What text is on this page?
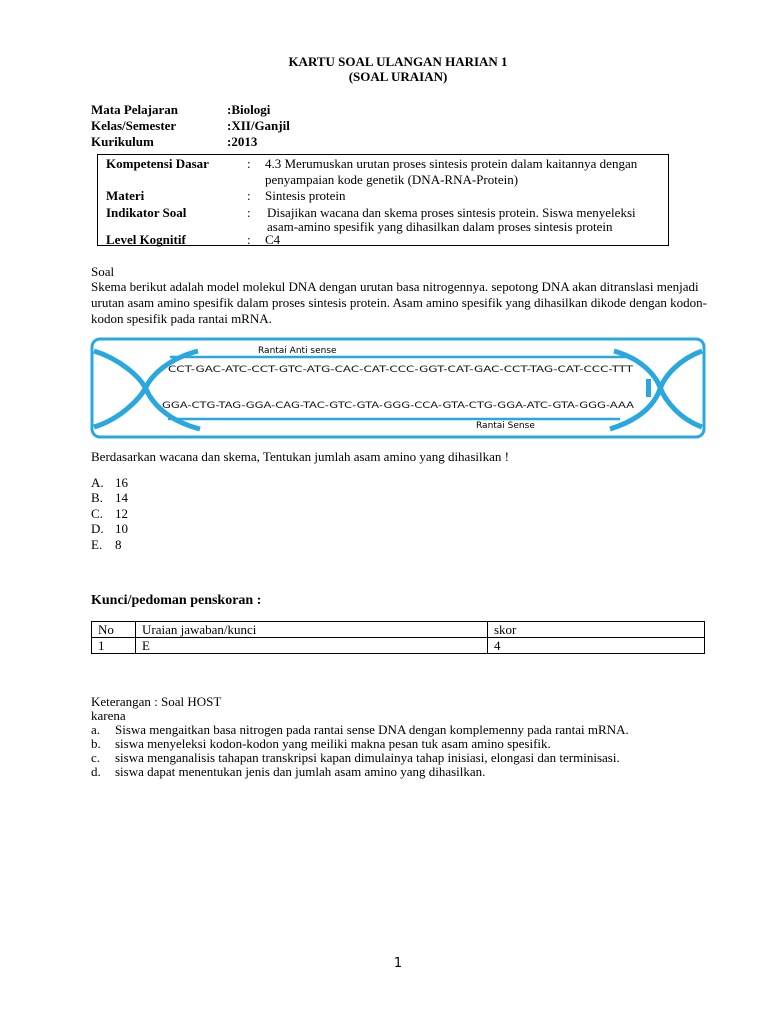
KARTU SOAL ULANGAN HARIAN 1
(SOAL URAIAN)
Mata Pelajaran	:Biologi
Kelas/Semester	:XII/Ganjil
Kurikulum	:2013
Kompetensi Dasar	: 4.3 Merumuskan urutan proses sintesis protein dalam kaitannya dengan penyampaian kode genetik (DNA-RNA-Protein)
Materi	: Sintesis protein
Indikator Soal	: Disajikan wacana dan skema proses sintesis protein. Siswa menyeleksi asam-amino spesifik yang dihasilkan dalam proses sintesis protein
Level Kognitif	: C4
Soal
Skema berikut adalah model molekul DNA dengan urutan basa nitrogennya. sepotong DNA akan ditranslasi menjadi urutan asam amino spesifik dalam proses sintesis protein. Asam amino spesifik yang dihasilkan dikode dengan kodon-kodon spesifik pada rantai mRNA.
Rantai Anti sense
Rantai Sense
CCT-GAC-ATC-CCT-GTC-ATG-CAC-CAT-CCC-GGT-CAT-GAC-CCT-TAG-CAT-CCC-TTT
GGA-CTG-TAG-GGA-CAG-TAC-GTC-GTA-GGG-CCA-GTA-CTG-GGA-ATC-GTA-GGG-AAA
Berdasarkan wacana dan skema, Tentukan jumlah asam amino yang dihasilkan !
A. 16
B. 14
C. 12
D. 10
E. 8
Kunci/pedoman penskoran :
No	Uraian jawaban/kunci	skor
1	E	4
Keterangan : Soal HOST
karena
a. Siswa mengaitkan basa nitrogen pada rantai sense DNA dengan komplemenny pada rantai mRNA.
b. siswa menyeleksi kodon-kodon yang meiliki makna pesan tuk asam amino spesifik.
c. siswa menganalisis tahapan transkripsi kapan dimulainya tahap inisiasi, elongasi dan terminisasi.
d. siswa dapat menentukan jenis dan jumlah asam amino yang dihasilkan.
1
